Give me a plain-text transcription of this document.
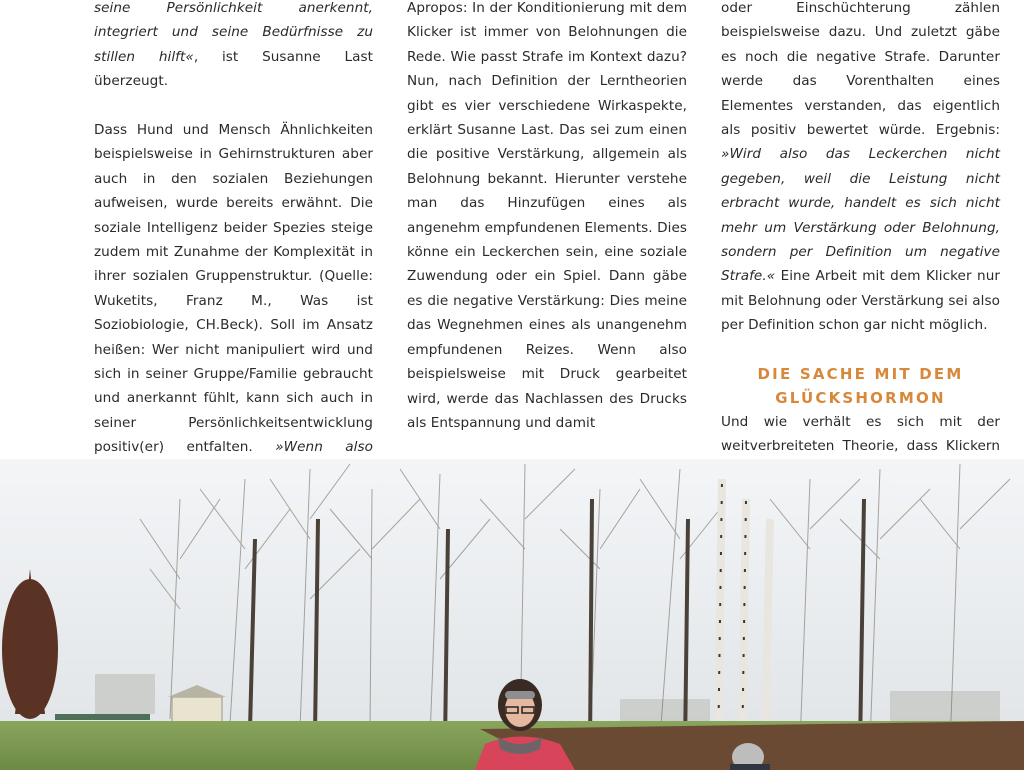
seine Persönlichkeit anerkennt, integriert und seine Bedürfnisse zu stillen hilft«, ist Susanne Last überzeugt.

Dass Hund und Mensch Ähnlichkeiten beispielsweise in Gehirnstrukturen aber auch in den sozialen Beziehungen aufweisen, wurde bereits erwähnt. Die soziale Intelligenz beider Spezies steige zudem mit Zunahme der Komplexität in ihrer sozialen Gruppenstruktur. (Quelle: Wuketits, Franz M., Was ist Soziobiologie, CH.Beck). Soll im Ansatz heißen: Wer nicht manipuliert wird und sich in seiner Gruppe/Familie gebraucht und anerkannt fühlt, kann sich auch in seiner Persönlichkeitsentwicklung positiv(er) entfalten. »Wenn also

Apropos: In der Konditionierung mit dem Klicker ist immer von Belohnungen die Rede. Wie passt Strafe im Kontext dazu? Nun, nach Definition der Lerntheorien gibt es vier verschiedene Wirkaspekte, erklärt Susanne Last. Das sei zum einen die positive Verstärkung, allgemein als Belohnung bekannt. Hierunter verstehe man das Hinzufügen eines als angenehm empfundenen Elements. Dies könne ein Leckerchen sein, eine soziale Zuwendung oder ein Spiel. Dann gäbe es die negative Verstärkung: Dies meine das Wegnehmen eines als unangenehm empfundenen Reizes. Wenn also beispielsweise mit Druck gearbeitet wird, werde das Nachlassen des Drucks als Entspannung und damit

oder Einschüchterung zählen beispielsweise dazu. Und zuletzt gäbe es noch die negative Strafe. Darunter werde das Vorenthalten eines Elementes verstanden, das eigentlich als positiv bewertet würde. Ergebnis: »Wird also das Leckerchen nicht gegeben, weil die Leistung nicht erbracht wurde, handelt es sich nicht mehr um Verstärkung oder Belohnung, sondern per Definition um negative Strafe.« Eine Arbeit mit dem Klicker nur mit Belohnung oder Verstärkung sei also per Definition schon gar nicht möglich.

DIE SACHE MIT DEM GLÜCKSHORMON

Und wie verhält es sich mit der weitverbreiteten Theorie, dass Klickern
